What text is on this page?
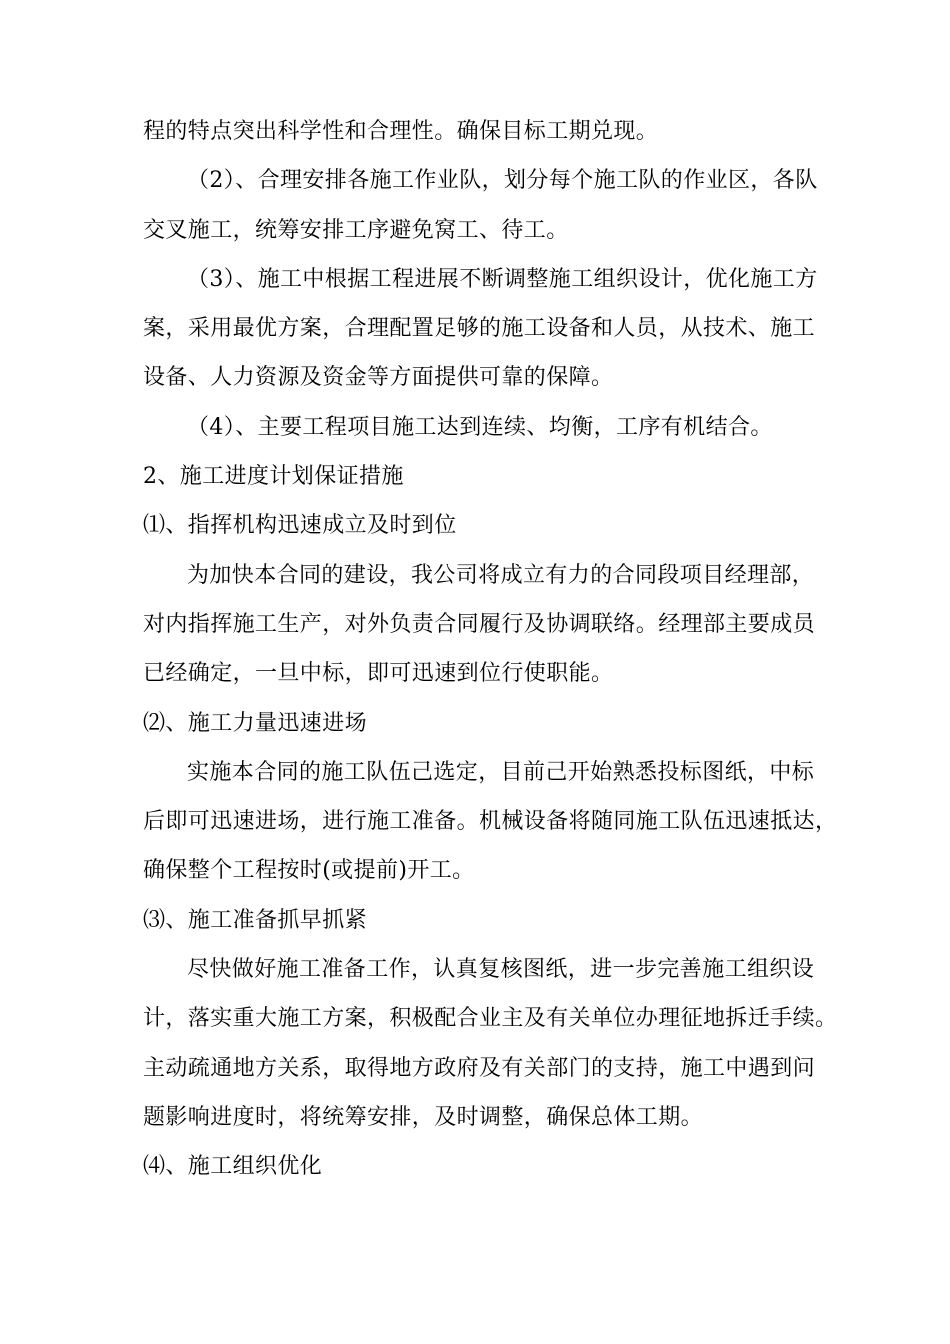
程的特点突出科学性和合理性。确保目标工期兑现。
（2）、合理安排各施工作业队，划分每个施工队的作业区，各队
交叉施工，统筹安排工序避免窝工、待工。
（3）、施工中根据工程进展不断调整施工组织设计，优化施工方
案，采用最优方案，合理配置足够的施工设备和人员，从技术、施工
设备、人力资源及资金等方面提供可靠的保障。
（4）、主要工程项目施工达到连续、均衡，工序有机结合。
2、施工进度计划保证措施
⑴、指挥机构迅速成立及时到位
为加快本合同的建设，我公司将成立有力的合同段项目经理部，
对内指挥施工生产，对外负责合同履行及协调联络。经理部主要成员
已经确定，一旦中标，即可迅速到位行使职能。
⑵、施工力量迅速进场
实施本合同的施工队伍己选定，目前己开始熟悉投标图纸，中标
后即可迅速进场，进行施工准备。机械设备将随同施工队伍迅速抵达，
确保整个工程按时(或提前)开工。
⑶、施工准备抓早抓紧
尽快做好施工准备工作，认真复核图纸，进一步完善施工组织设
计，落实重大施工方案，积极配合业主及有关单位办理征地拆迁手续。
主动疏通地方关系，取得地方政府及有关部门的支持，施工中遇到问
题影响进度时，将统筹安排，及时调整，确保总体工期。
⑷、施工组织优化
